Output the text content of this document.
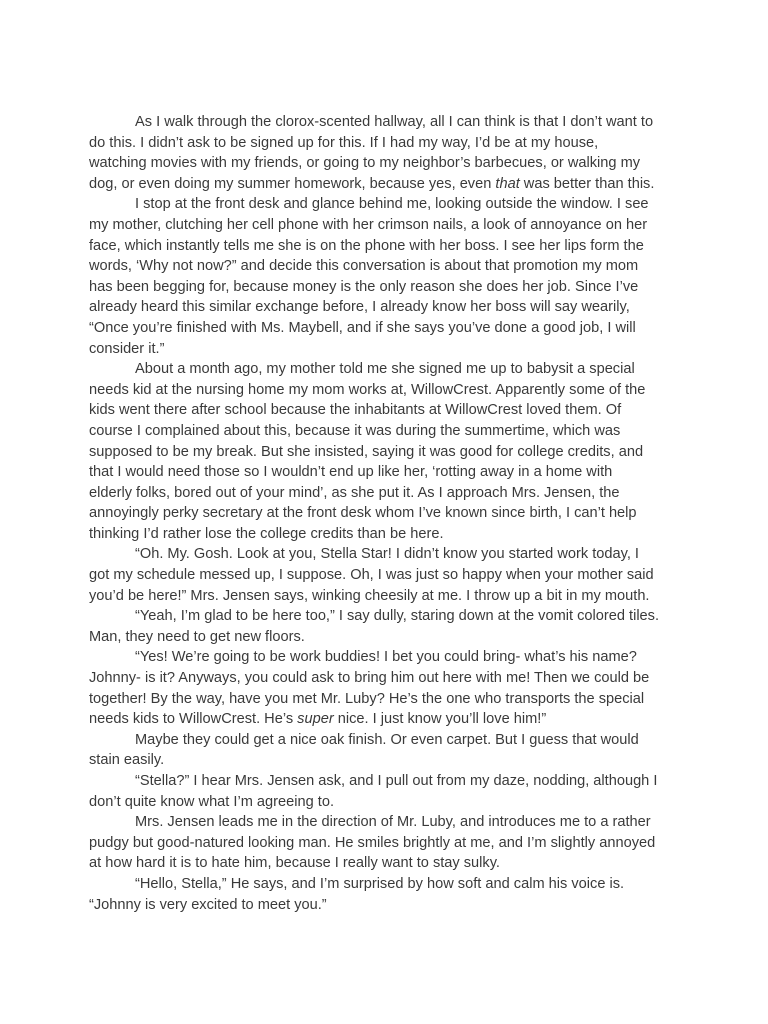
As I walk through the clorox-scented hallway, all I can think is that I don’t want to
do this. I didn’t ask to be signed up for this. If I had my way, I’d be at my house,
watching movies with my friends, or going to my neighbor’s barbecues, or walking my
dog, or even doing my summer homework, because yes, even that was better than this.
I stop at the front desk and glance behind me, looking outside the window. I see
my mother, clutching her cell phone with her crimson nails, a look of annoyance on her
face, which instantly tells me she is on the phone with her boss. I see her lips form the
words, ‘Why not now?” and decide this conversation is about that promotion my mom
has been begging for, because money is the only reason she does her job. Since I’ve
already heard this similar exchange before, I already know her boss will say wearily,
“Once you’re finished with Ms. Maybell, and if she says you’ve done a good job, I will
consider it.”
About a month ago, my mother told me she signed me up to babysit a special
needs kid at the nursing home my mom works at, WillowCrest. Apparently some of the
kids went there after school because the inhabitants at WillowCrest loved them. Of
course I complained about this, because it was during the summertime, which was
supposed to be my break. But she insisted, saying it was good for college credits, and
that I would need those so I wouldn’t end up like her, ‘rotting away in a home with
elderly folks, bored out of your mind’, as she put it. As I approach Mrs. Jensen, the
annoyingly perky secretary at the front desk whom I’ve known since birth, I can’t help
thinking I’d rather lose the college credits than be here.
“Oh. My. Gosh. Look at you, Stella Star! I didn’t know you started work today, I
got my schedule messed up, I suppose. Oh, I was just so happy when your mother said
you’d be here!” Mrs. Jensen says, winking cheesily at me. I throw up a bit in my mouth.
“Yeah, I’m glad to be here too,” I say dully, staring down at the vomit colored tiles.
Man, they need to get new floors.
“Yes! We’re going to be work buddies! I bet you could bring- what’s his name?
Johnny- is it? Anyways, you could ask to bring him out here with me! Then we could be
together! By the way, have you met Mr. Luby? He’s the one who transports the special
needs kids to WillowCrest. He’s super nice. I just know you’ll love him!”
Maybe they could get a nice oak finish. Or even carpet. But I guess that would
stain easily.
“Stella?” I hear Mrs. Jensen ask, and I pull out from my daze, nodding, although I
don’t quite know what I’m agreeing to.
Mrs. Jensen leads me in the direction of Mr. Luby, and introduces me to a rather
pudgy but good-natured looking man. He smiles brightly at me, and I’m slightly annoyed
at how hard it is to hate him, because I really want to stay sulky.
“Hello, Stella,” He says, and I’m surprised by how soft and calm his voice is.
“Johnny is very excited to meet you.”
